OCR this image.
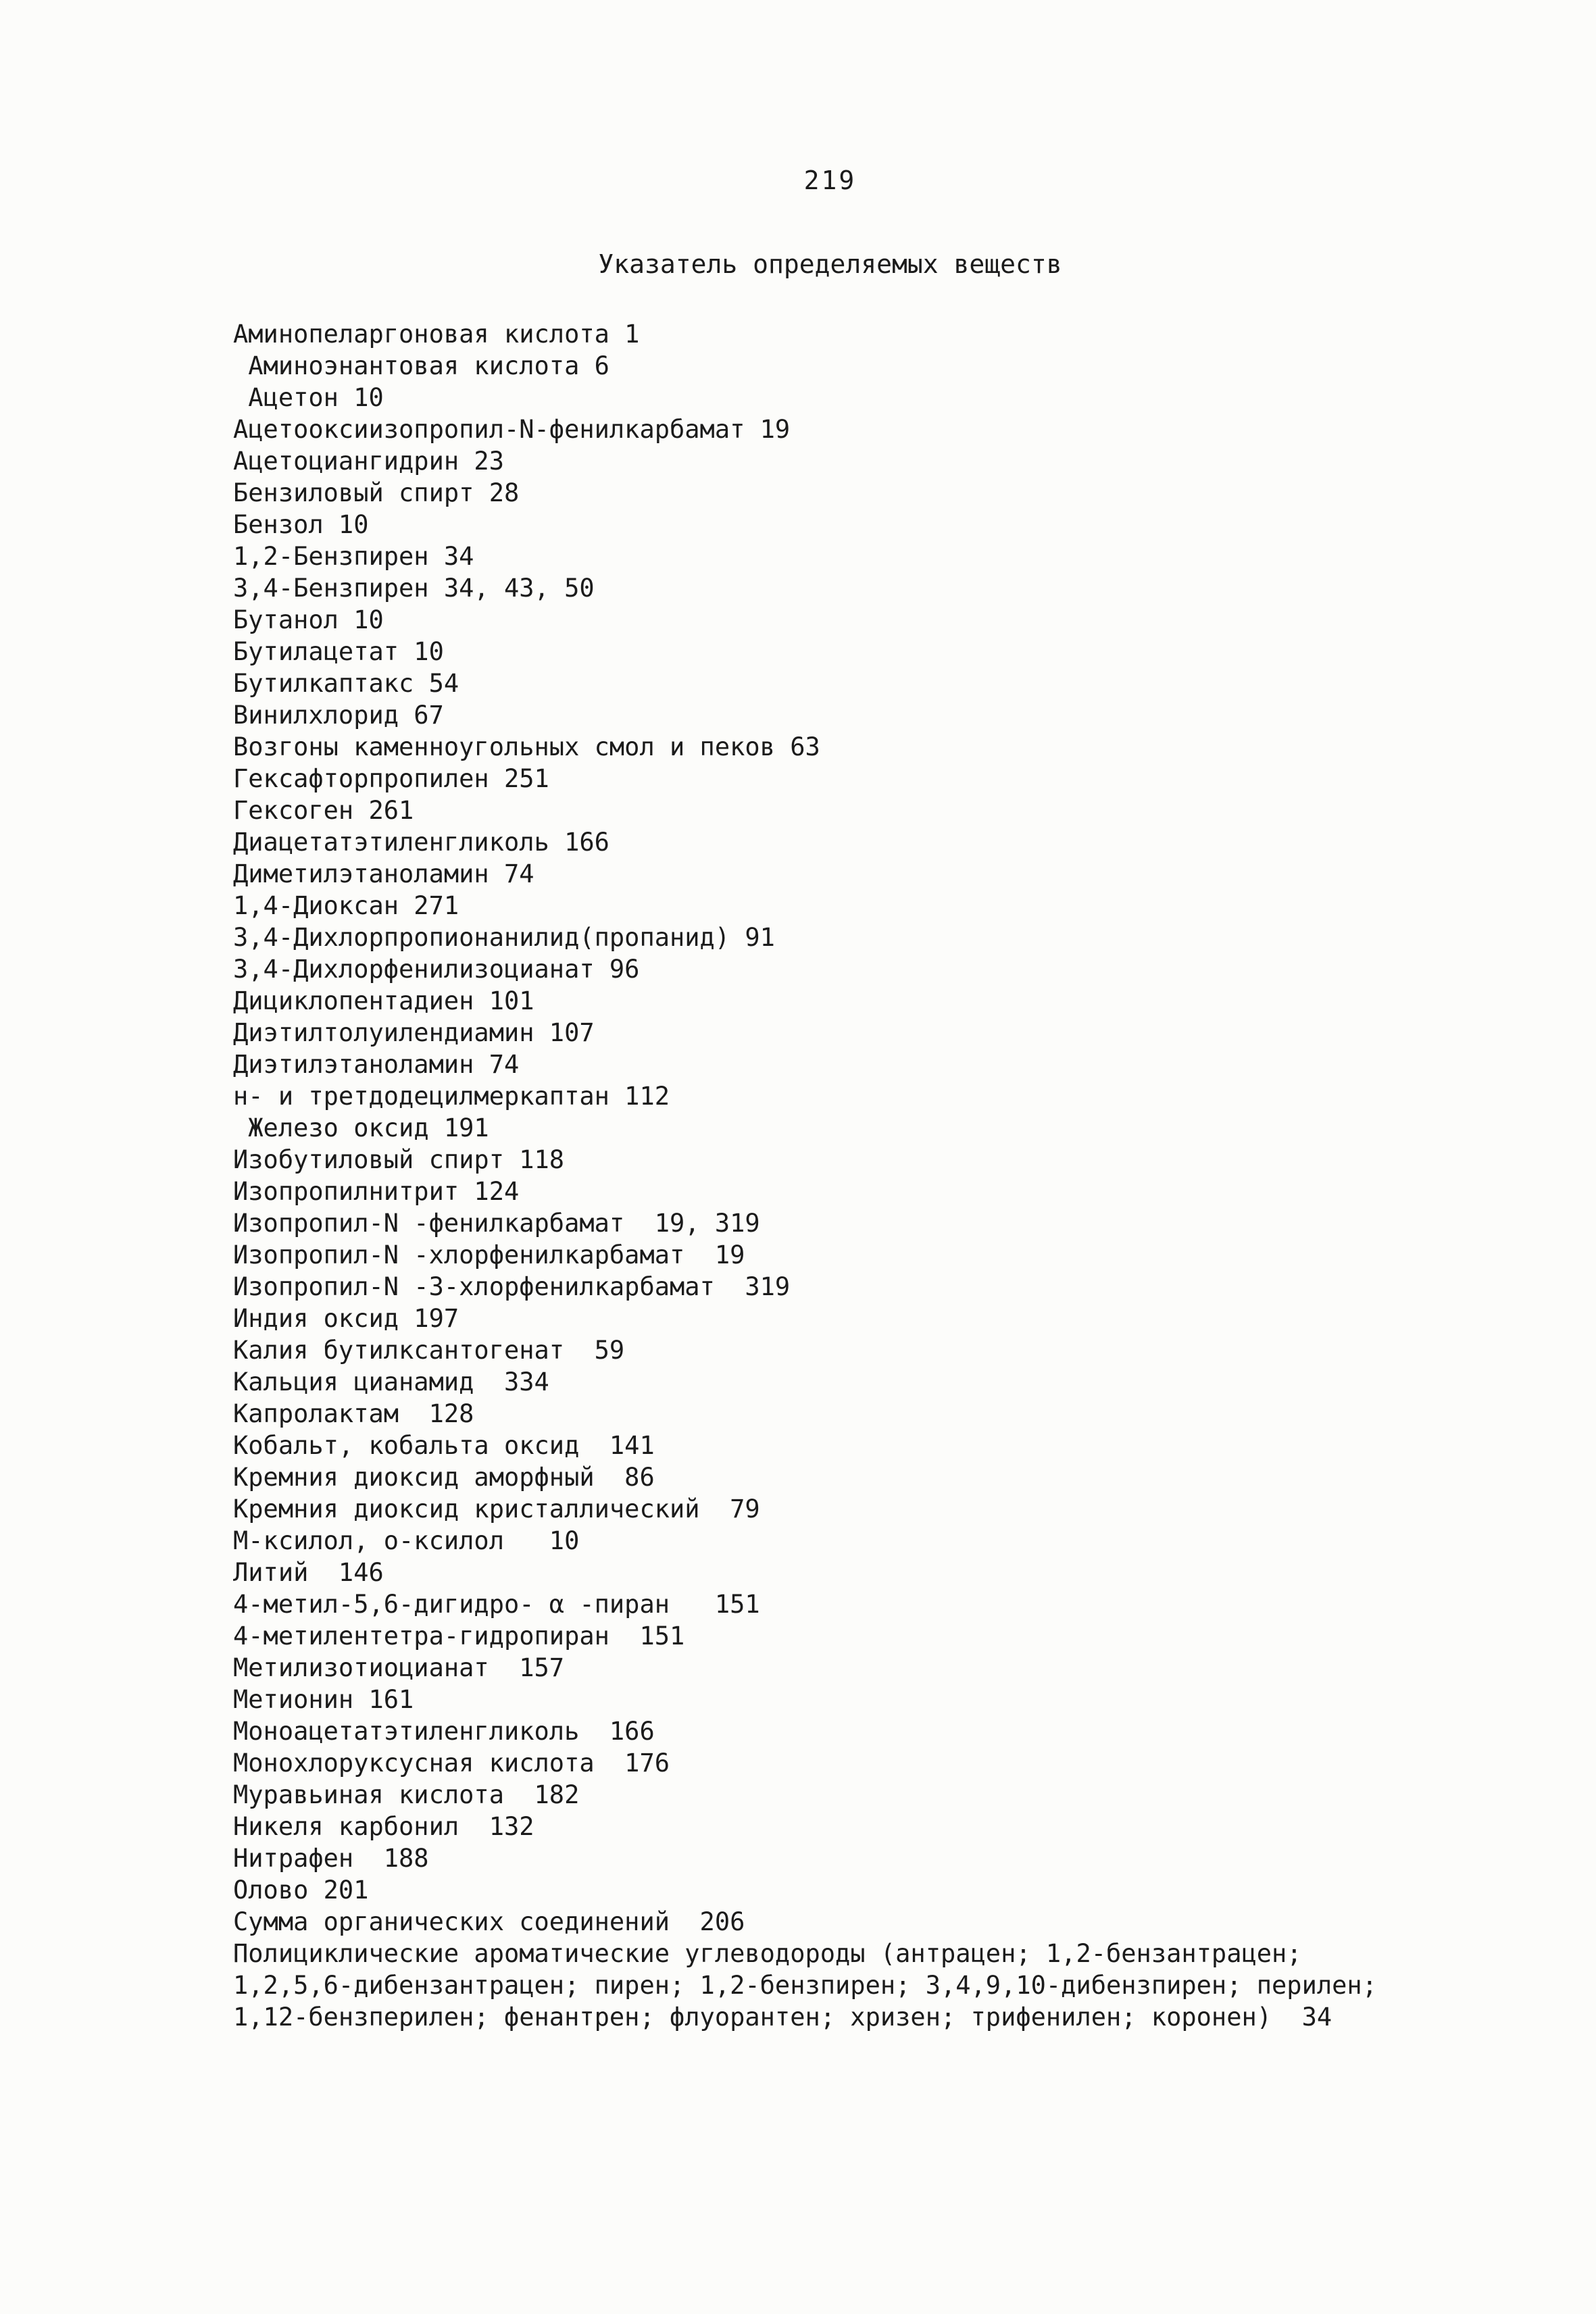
219
Указатель определяемых веществ
Аминопеларгоновая кислота 1
Аминоэнантовая кислота 6
Ацетон 10
Ацетооксиизопропил-N-фенилкарбамат 19
Ацетоциангидрин 23
Бензиловый спирт 28
Бензол 10
1,2-Бензпирен 34
3,4-Бензпирен 34, 43, 50
Бутанол 10
Бутилацетат 10
Бутилкаптакс 54
Винилхлорид 67
Возгоны каменноугольных смол и пеков 63
Гексафторпропилен 251
Гексоген 261
Диацетатэтиленгликоль 166
Диметилэтаноламин 74
1,4-Диоксан 271
3,4-Дихлорпропионанилид(пропанид) 91
3,4-Дихлорфенилизоцианат 96
Дициклопентадиен 101
Диэтилтолуилендиамин 107
Диэтилэтаноламин 74
н- и третдодецилмеркаптан 112
Железо оксид 191
Изобутиловый спирт 118
Изопропилнитрит 124
Изопропил-N -фенилкарбамат  19, 319
Изопропил-N -хлорфенилкарбамат  19
Изопропил-N -3-хлорфенилкарбамат  319
Индия оксид 197
Калия бутилксантогенат  59
Кальция цианамид  334
Капролактам  128
Кобальт, кобальта оксид  141
Кремния диоксид аморфный  86
Кремния диоксид кристаллический  79
М-ксилол, о-ксилол   10
Литий  146
4-метил-5,6-дигидро- α -пиран   151
4-метилентетра-гидропиран  151
Метилизотиоцианат  157
Метионин 161
Моноацетатэтиленгликоль  166
Монохлоруксусная кислота  176
Муравьиная кислота  182
Никеля карбонил  132
Нитрафен  188
Олово 201
Сумма органических соединений  206
Полициклические ароматические углеводороды (антрацен; 1,2-бензантрацен; 1,2,5,6-дибензантрацен; пирен; 1,2-бензпирен; 3,4,9,10-дибензпирен; перилен; 1,12-бензперилен; фенантрен; флуорантен; хризен; трифенилен; коронен)  34
